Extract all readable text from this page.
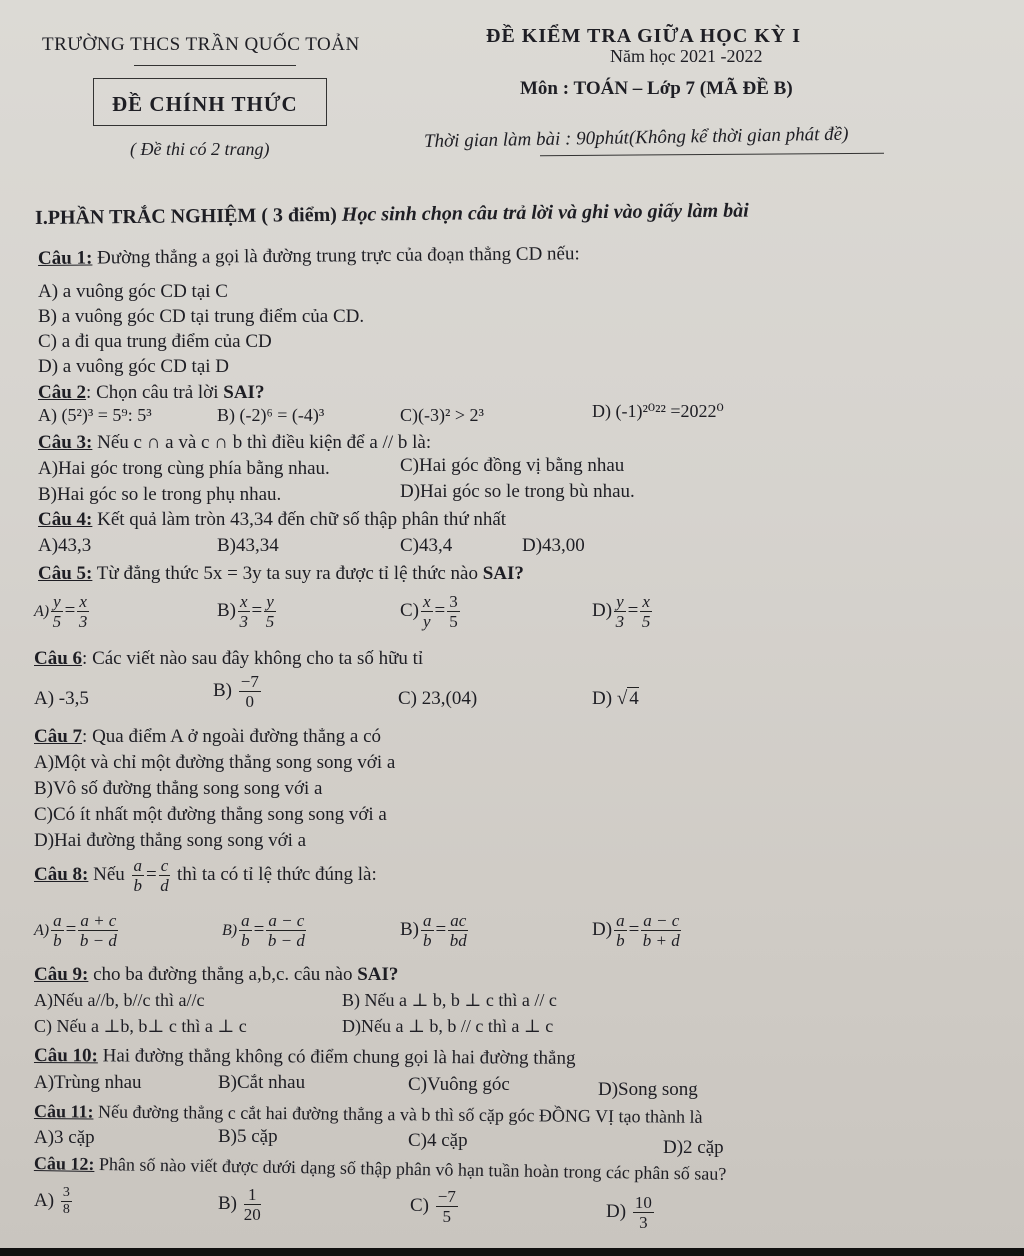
TRƯỜNG THCS TRẦN QUỐC TOẢN	ĐỀ KIỂM TRA GIỮA HỌC KỲ I
Năm học 2021 -2022
ĐỀ CHÍNH THỨC
Môn : TOÁN – Lớp 7 (MÃ ĐỀ B)
( Đề thi có 2 trang)	Thời gian làm bài : 90phút(Không kể thời gian phát đề)
I.PHẦN TRẮC NGHIỆM ( 3 điểm) Học sinh chọn câu trả lời và ghi vào giấy làm bài
Câu 1: Đường thẳng a gọi là đường trung trực của đoạn thẳng CD nếu:
A) a vuông góc CD tại C
B) a vuông góc CD tại trung điểm của CD.
C) a đi qua trung điểm của CD
D) a vuông góc CD tại D
Câu 2: Chọn câu trả lời SAI?
A) (5²)³ = 5⁹: 5³	B) (-2)⁶ = (-4)³	C)(-3)² > 2³	D) (-1)²⁰²² =2022⁰
Câu 3: Nếu c ∩ a và c ∩ b thì điều kiện để a // b là:
A)Hai góc trong cùng phía bằng nhau.	C)Hai góc đồng vị bằng nhau
B)Hai góc so le trong phụ nhau.	D)Hai góc so le trong bù nhau.
Câu 4: Kết quả làm tròn 43,34 đến chữ số thập phân thứ nhất
A)43,3	B)43,34	C)43,4	D)43,00
Câu 5: Từ đẳng thức 5x = 3y ta suy ra được tỉ lệ thức nào SAI?
$A) \frac{y}{5} = \frac{x}{3}$	$B) \frac{x}{3} = \frac{y}{5}$	$C) \frac{x}{y} = \frac{3}{5}$	$D) \frac{y}{3} = \frac{x}{5}$
Câu 6: Các viết nào sau đây không cho ta số hữu tỉ
A) -3,5	$B) \frac{-7}{0}$	C) 23,(04)	D) √ 4
Câu 7: Qua điểm A ở ngoài đường thẳng a có
A)Một và chỉ một đường thẳng song song với a
B)Vô số đường thẳng song song với a
C)Có ít nhất một đường thẳng song song với a
D)Hai đường thẳng song song với a
Câu 8: Nếu $\frac{a}{b} = \frac{c}{d}$ thì ta có tỉ lệ thức đúng là:
$A) \frac{a}{b} = \frac{a + c}{b - d}$	$B) \frac{a}{b} = \frac{a - c}{b - d}$	$B) \frac{a}{b} = \frac{ac}{bd}$	$D) \frac{a}{b} = \frac{a - c}{b + d}$
Câu 9: cho ba đường thẳng a,b,c. câu nào SAI?
A)Nếu a//b, b//c thì a//c	B) Nếu a ⊥ b, b ⊥ c thì a // c
C) Nếu a ⊥b, b⊥ c thì a ⊥ c	D)Nếu a ⊥ b, b // c thì a ⊥ c
Câu 10: Hai đường thẳng không có điểm chung gọi là hai đường thẳng
A)Trùng nhau	B)Cắt nhau	C)Vuông góc	D)Song song
Câu 11: Nếu đường thẳng c cắt hai đường thẳng a và b thì số cặp góc ĐỒNG VỊ tạo thành là
A)3 cặp	B)5 cặp	C)4 cặp	D)2 cặp
Câu 12: Phân số nào viết được dưới dạng số thập phân vô hạn tuần hoàn trong các phân số sau?
$A) \frac{3}{8}$	$B) \frac{1}{20}$	$C) \frac{-7}{5}$	$D) \frac{10}{3}$
